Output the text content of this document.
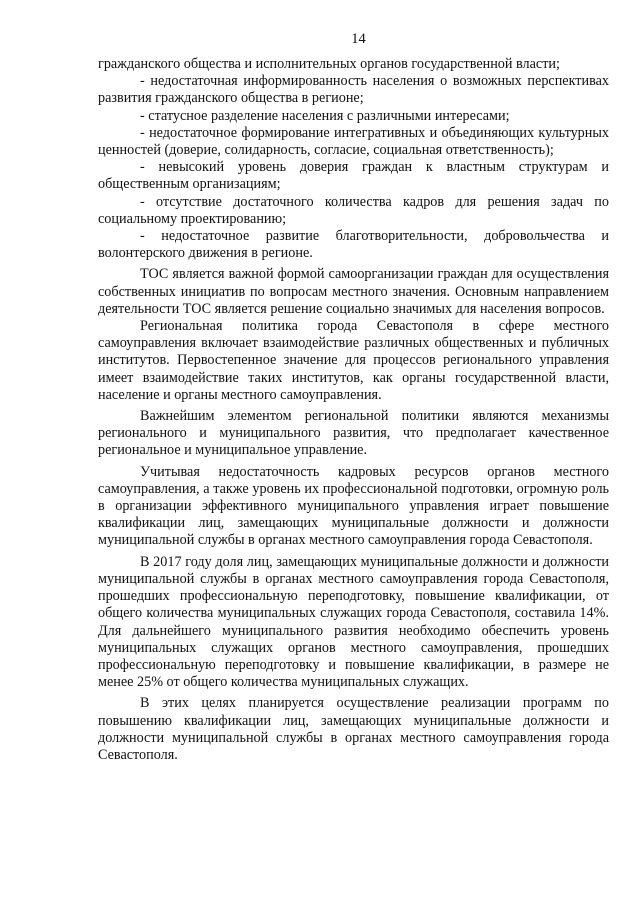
14

гражданского общества и исполнительных органов государственной власти;

- недостаточная информированность населения о возможных перспективах развития гражданского общества в регионе;

- статусное разделение населения с различными интересами;

- недостаточное формирование интегративных и объединяющих культурных ценностей (доверие, солидарность, согласие, социальная ответственность);

- невысокий уровень доверия граждан к властным структурам и общественным организациям;

- отсутствие достаточного количества кадров для решения задач по социальному проектированию;

- недостаточное развитие благотворительности, добровольчества и волонтерского движения в регионе.

ТОС является важной формой самоорганизации граждан для осуществления собственных инициатив по вопросам местного значения. Основным направлением деятельности ТОС является решение социально значимых для населения вопросов.

Региональная политика города Севастополя в сфере местного самоуправления включает взаимодействие различных общественных и публичных институтов. Первостепенное значение для процессов регионального управления имеет взаимодействие таких институтов, как органы государственной власти, население и органы местного самоуправления.

Важнейшим элементом региональной политики являются механизмы регионального и муниципального развития, что предполагает качественное региональное и муниципальное управление.

Учитывая недостаточность кадровых ресурсов органов местного самоуправления, а также уровень их профессиональной подготовки, огромную роль в организации эффективного муниципального управления играет повышение квалификации лиц, замещающих муниципальные должности и должности муниципальной службы в органах местного самоуправления города Севастополя.

В 2017 году доля лиц, замещающих муниципальные должности и должности муниципальной службы в органах местного самоуправления города Севастополя, прошедших профессиональную переподготовку, повышение квалификации, от общего количества муниципальных служащих города Севастополя, составила 14%. Для дальнейшего муниципального развития необходимо обеспечить уровень муниципальных служащих органов местного самоуправления, прошедших профессиональную переподготовку и повышение квалификации, в размере не менее 25% от общего количества муниципальных служащих.

В этих целях планируется осуществление реализации программ по повышению квалификации лиц, замещающих муниципальные должности и должности муниципальной службы в органах местного самоуправления города Севастополя.
